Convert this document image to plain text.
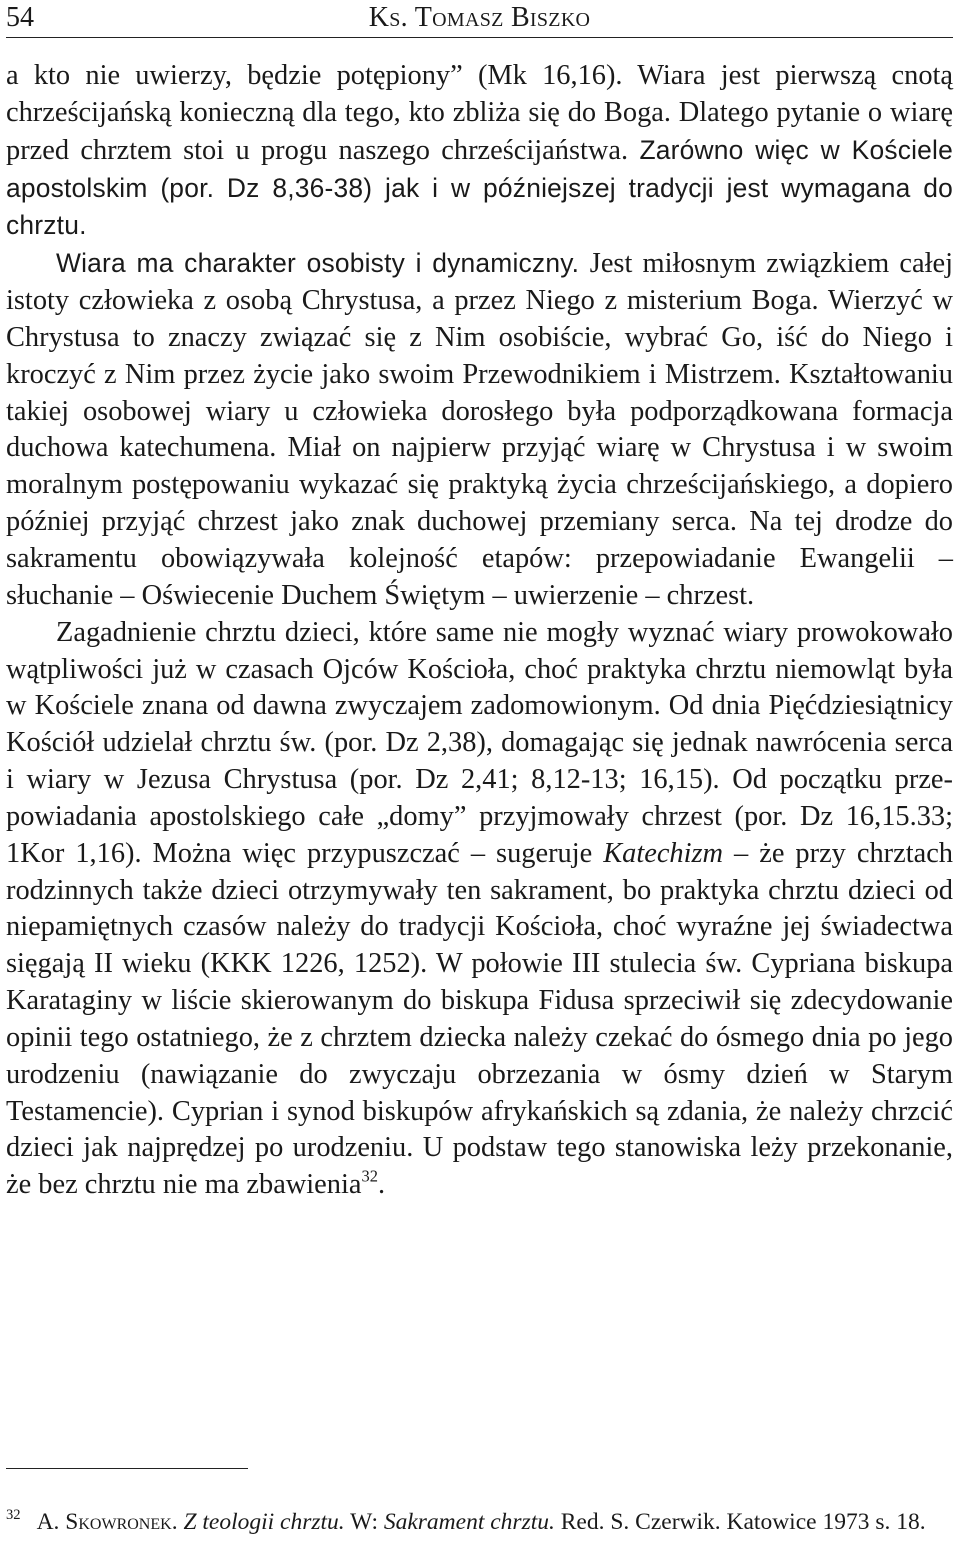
54	Ks. Tomasz Biszko

a kto nie uwierzy, będzie potępiony” (Mk 16,16). Wiara jest pierwszą cnotą chrześcijańską konieczną dla tego, kto zbliża się do Boga. Dlatego pytanie o wiarę przed chrztem stoi u progu naszego chrześcijaństwa. Zarówno więc w Kościele apostolskim (por. Dz 8,36-38) jak i w późniejszej tradycji jest wymagana do chrztu.

Wiara ma charakter osobisty i dynamiczny. Jest miłosnym związkiem całej istoty człowieka z osobą Chrystusa, a przez Niego z misterium Boga. Wierzyć w Chrystusa to znaczy związać się z Nim osobiście, wybrać Go, iść do Niego i kroczyć z Nim przez życie jako swoim Przewodnikiem i Mistrzem. Kształtowaniu takiej osobowej wiary u człowieka dorosłego była podporządkowana formacja duchowa katechumena. Miał on najpierw przyjąć wiarę w Chrystusa i w swoim moralnym postępowaniu wykazać się praktyką życia chrześcijańskiego, a dopiero później przyjąć chrzest jako znak duchowej przemiany serca. Na tej drodze do sakramentu obowiązywała kolejność etapów: przepowiadanie Ewangelii – słuchanie – Oświecenie Duchem Świętym – uwierzenie – chrzest.

Zagadnienie chrztu dzieci, które same nie mogły wyznać wiary prowokowało wątpliwości już w czasach Ojców Kościoła, choć praktyka chrztu niemowląt była w Kościele znana od dawna zwyczajem zadomowionym. Od dnia Pięćdziesiątnicy Kościół udzielał chrztu św. (por. Dz 2,38), domagając się jednak nawrócenia serca i wiary w Jezusa Chrystusa (por. Dz 2,41; 8,12-13; 16,15). Od początku przepowiadania apostolskiego całe „domy” przyjmowały chrzest (por. Dz 16,15.33; 1Kor 1,16). Można więc przypuszczać – sugeruje Katechizm – że przy chrztach rodzinnych także dzieci otrzymywały ten sakrament, bo praktyka chrztu dzieci od niepamiętnych czasów należy do tradycji Kościoła, choć wyraźne jej świadectwa sięgają II wieku (KKK 1226, 1252). W połowie III stulecia św. Cypriana biskupa Karataginy w liście skierowanym do biskupa Fidusa sprzeciwił się zdecydowanie opinii tego ostatniego, że z chrztem dziecka należy czekać do ósmego dnia po jego urodzeniu (nawiązanie do zwyczaju obrzezania w ósmy dzień w Starym Testamencie). Cyprian i synod biskupów afrykańskich są zdania, że należy chrzcić dzieci jak najprędzej po urodzeniu. U podstaw tego stanowiska leży przekonanie, że bez chrztu nie ma zbawienia$^{32}$.

$^{32}$ A. Skowronek. Z teologii chrztu. W: Sakrament chrztu. Red. S. Czerwik. Katowice 1973 s. 18.
